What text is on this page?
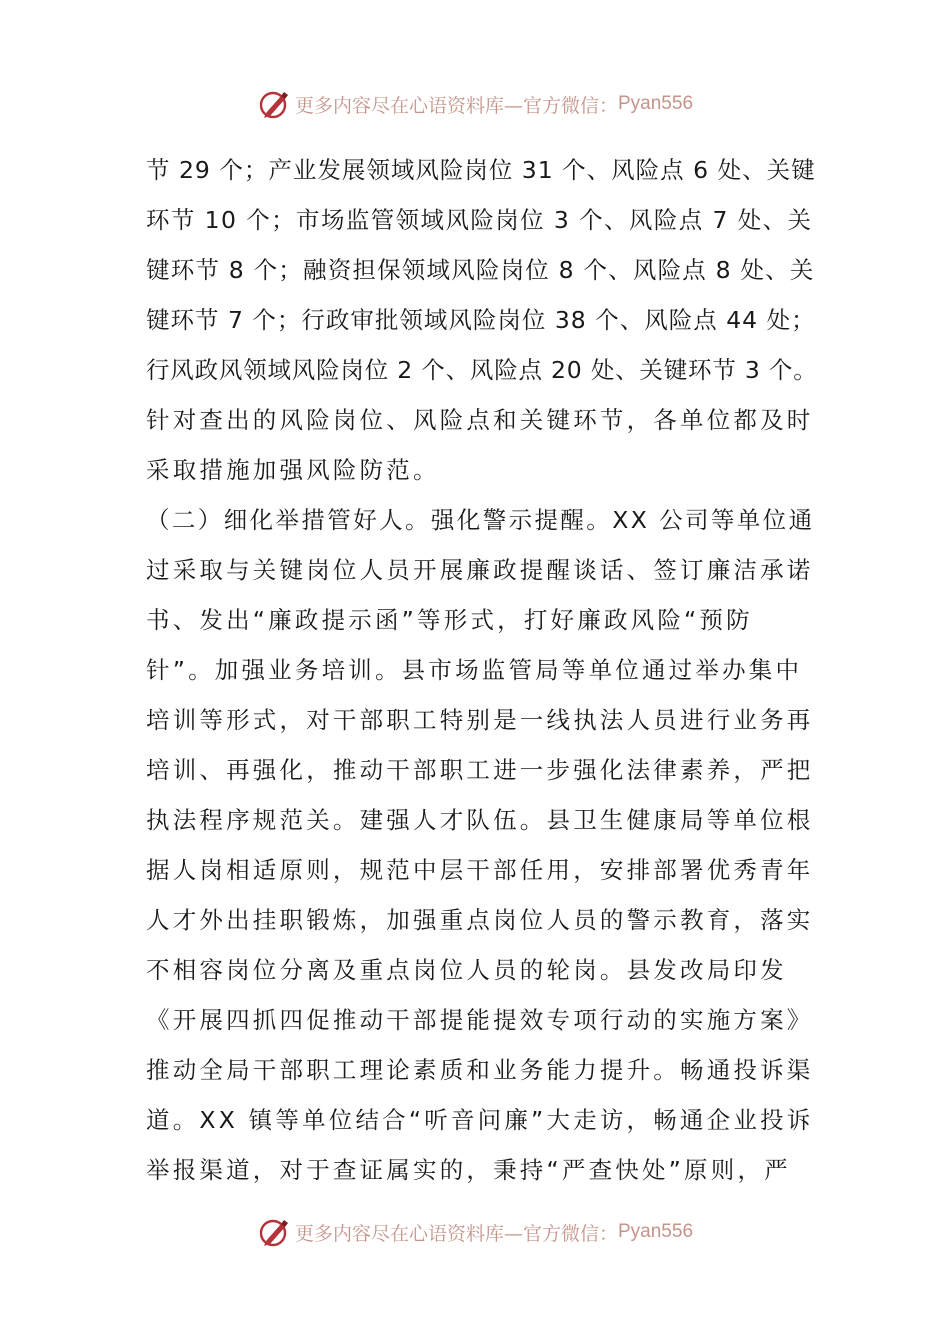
更多内容尽在心语资料库—官方微信： Pyan556
节 29 个；产业发展领域风险岗位 31 个、风险点 6 处、关键
环节 10 个；市场监管领域风险岗位 3 个、风险点 7 处、关
键环节 8 个；融资担保领域风险岗位 8 个、风险点 8 处、关
键环节 7 个；行政审批领域风险岗位 38 个、风险点 44 处；
行风政风领域风险岗位 2 个、风险点 20 处、关键环节 3 个。
针对查出的风险岗位、风险点和关键环节，各单位都及时
采取措施加强风险防范。
（二）细化举措管好人。强化警示提醒。XX 公司等单位通
过采取与关键岗位人员开展廉政提醒谈话、签订廉洁承诺
书、发出“廉政提示函”等形式，打好廉政风险“预防
针”。加强业务培训。县市场监管局等单位通过举办集中
培训等形式，对干部职工特别是一线执法人员进行业务再
培训、再强化，推动干部职工进一步强化法律素养，严把
执法程序规范关。建强人才队伍。县卫生健康局等单位根
据人岗相适原则，规范中层干部任用，安排部署优秀青年
人才外出挂职锻炼，加强重点岗位人员的警示教育，落实
不相容岗位分离及重点岗位人员的轮岗。县发改局印发
《开展四抓四促推动干部提能提效专项行动的实施方案》
推动全局干部职工理论素质和业务能力提升。畅通投诉渠
道。XX 镇等单位结合“听音问廉”大走访，畅通企业投诉
举报渠道，对于查证属实的，秉持“严查快处”原则，严
更多内容尽在心语资料库—官方微信： Pyan556
